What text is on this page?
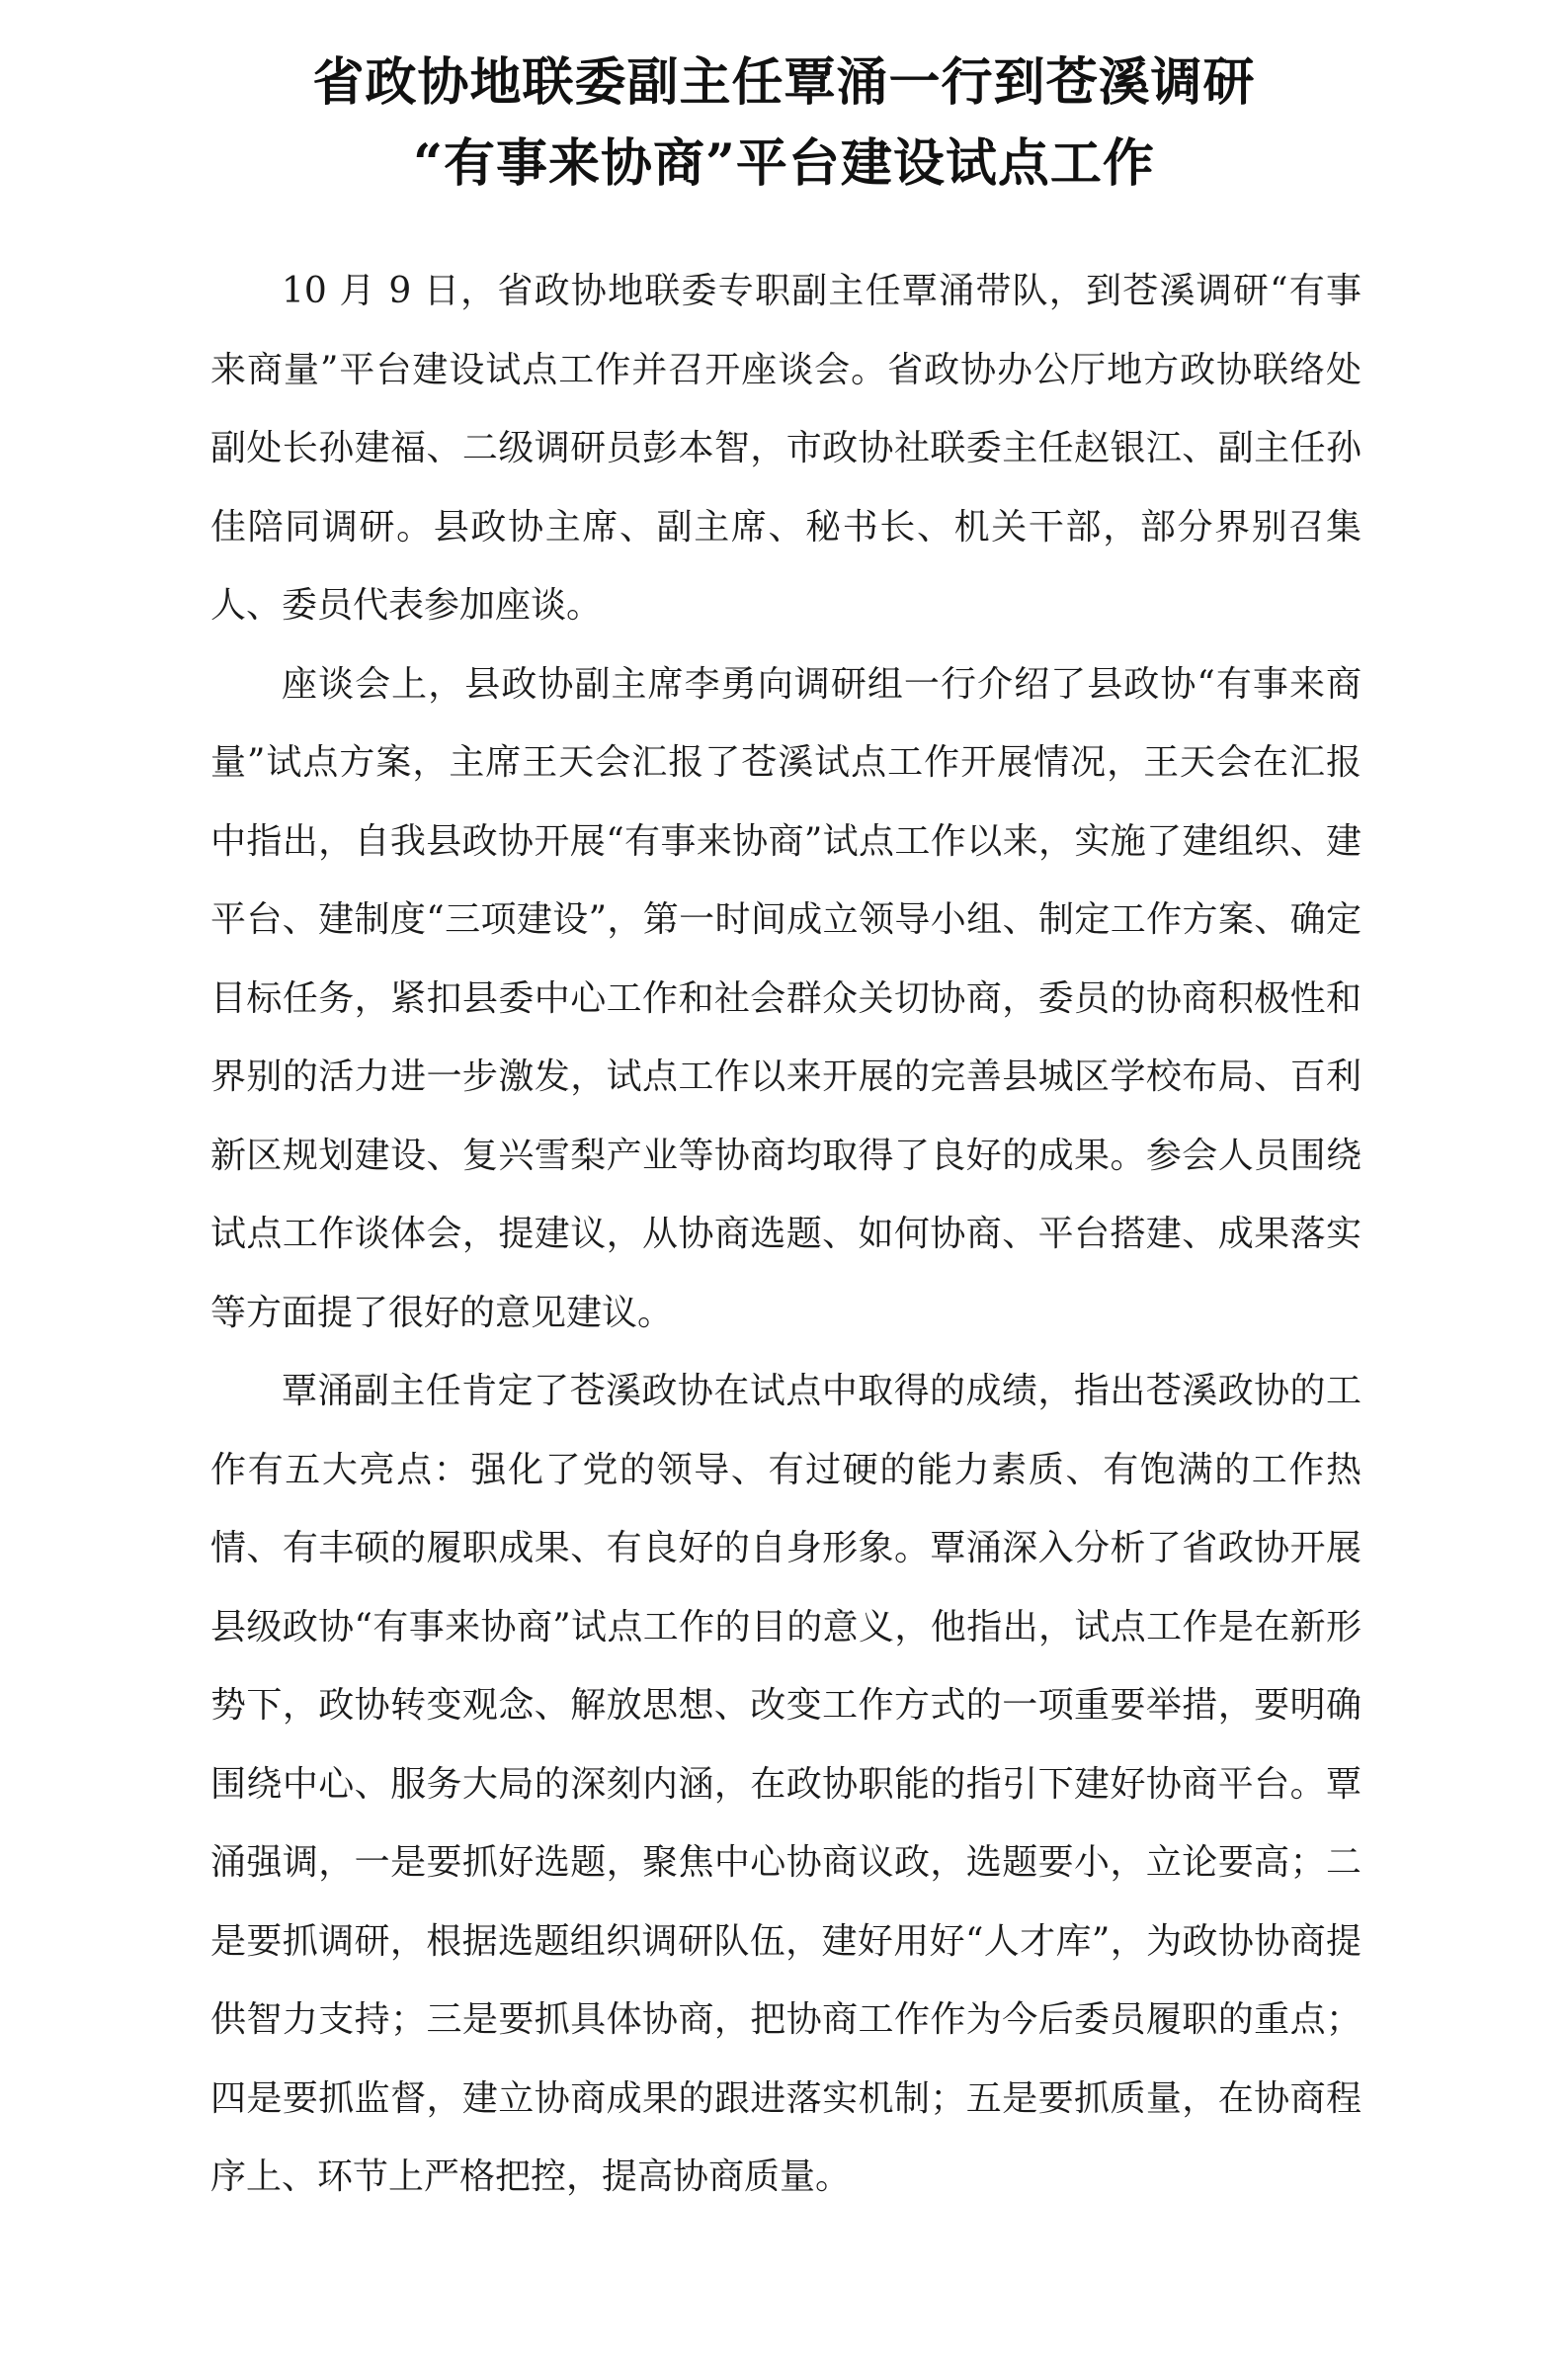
省政协地联委副主任覃涌一行到苍溪调研
“有事来协商”平台建设试点工作

10 月 9 日，省政协地联委专职副主任覃涌带队，到苍溪调研“有事来商量”平台建设试点工作并召开座谈会。省政协办公厅地方政协联络处副处长孙建福、二级调研员彭本智，市政协社联委主任赵银江、副主任孙佳陪同调研。县政协主席、副主席、秘书长、机关干部，部分界别召集人、委员代表参加座谈。

座谈会上，县政协副主席李勇向调研组一行介绍了县政协“有事来商量”试点方案，主席王天会汇报了苍溪试点工作开展情况，王天会在汇报中指出，自我县政协开展“有事来协商”试点工作以来，实施了建组织、建平台、建制度“三项建设”，第一时间成立领导小组、制定工作方案、确定目标任务，紧扣县委中心工作和社会群众关切协商，委员的协商积极性和界别的活力进一步激发，试点工作以来开展的完善县城区学校布局、百利新区规划建设、复兴雪梨产业等协商均取得了良好的成果。参会人员围绕试点工作谈体会，提建议，从协商选题、如何协商、平台搭建、成果落实等方面提了很好的意见建议。

覃涌副主任肯定了苍溪政协在试点中取得的成绩，指出苍溪政协的工作有五大亮点：强化了党的领导、有过硬的能力素质、有饱满的工作热情、有丰硕的履职成果、有良好的自身形象。覃涌深入分析了省政协开展县级政协“有事来协商”试点工作的目的意义，他指出，试点工作是在新形势下，政协转变观念、解放思想、改变工作方式的一项重要举措，要明确围绕中心、服务大局的深刻内涵，在政协职能的指引下建好协商平台。覃涌强调，一是要抓好选题，聚焦中心协商议政，选题要小，立论要高；二是要抓调研，根据选题组织调研队伍，建好用好“人才库”，为政协协商提供智力支持；三是要抓具体协商，把协商工作作为今后委员履职的重点；四是要抓监督，建立协商成果的跟进落实机制；五是要抓质量，在协商程序上、环节上严格把控，提高协商质量。
